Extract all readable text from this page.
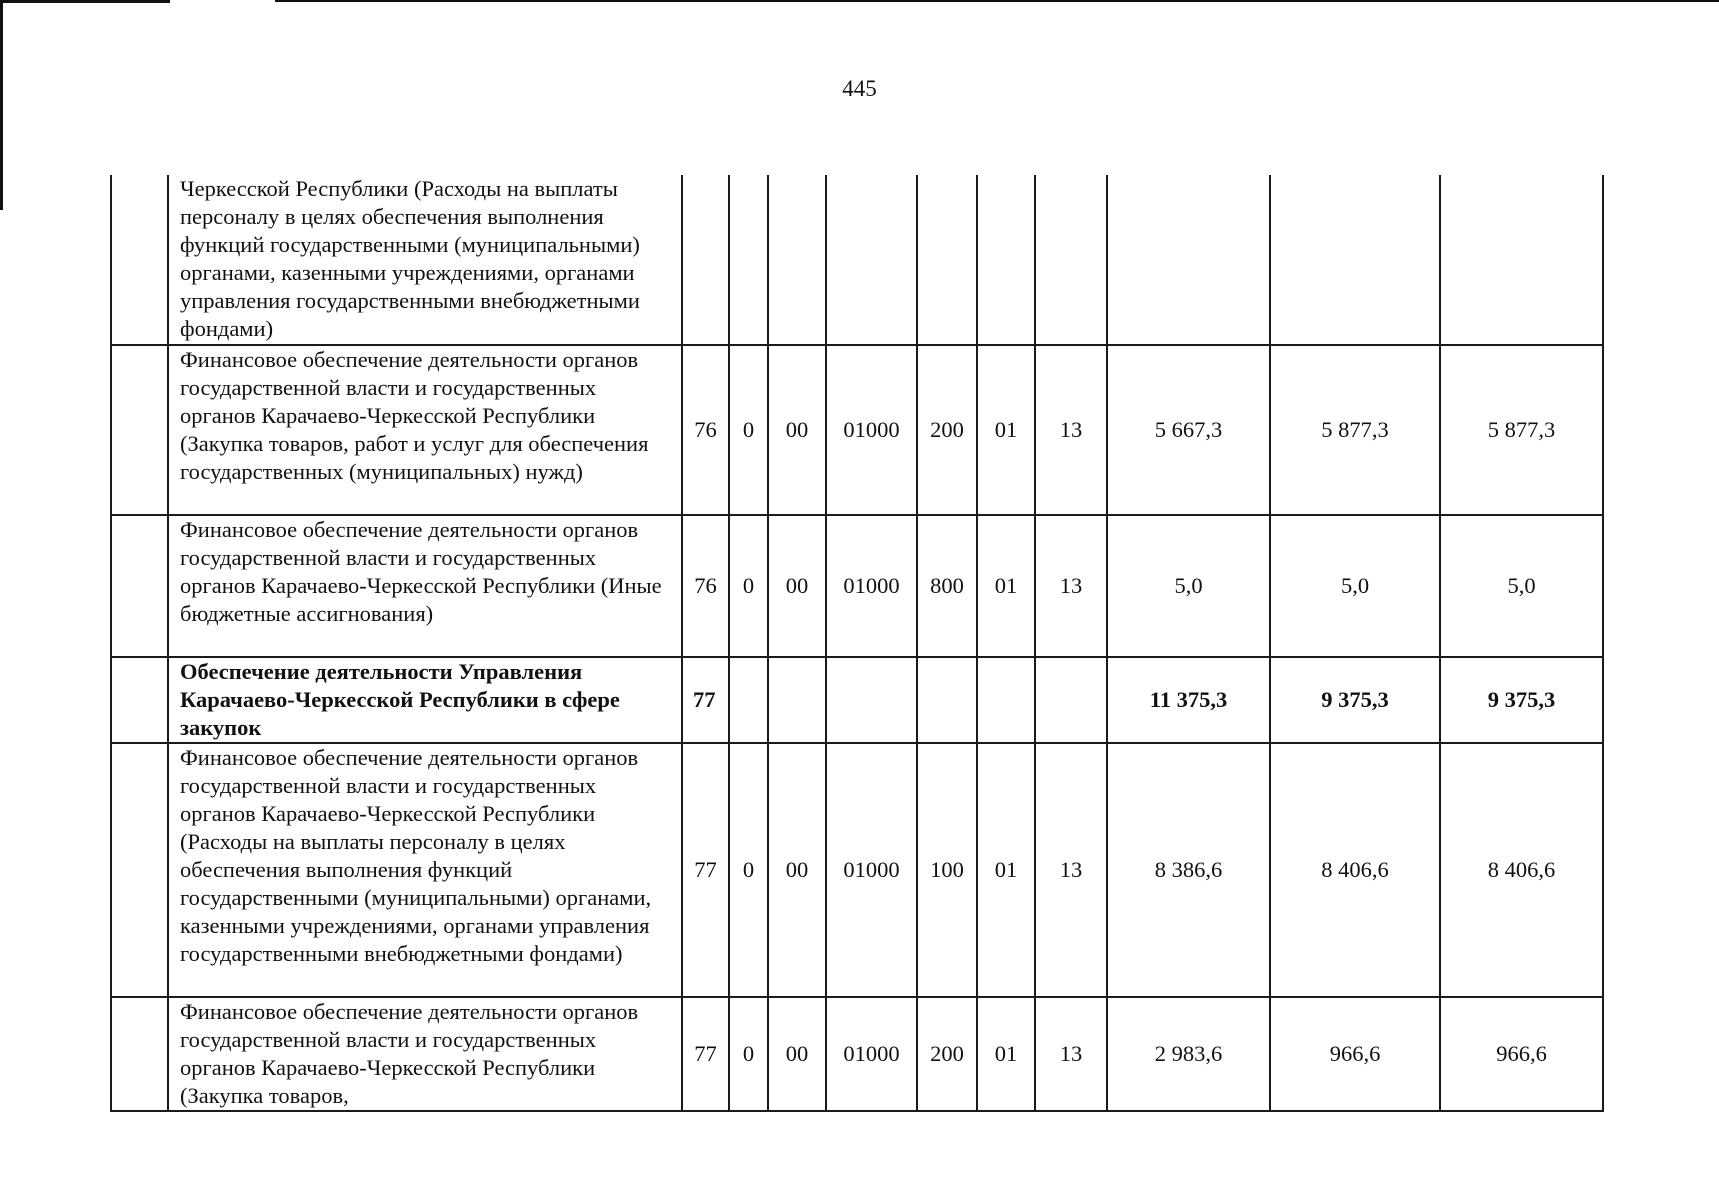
445
	Черкесской Республики (Расходы на выплаты персоналу в целях обеспечения выполнения функций государственными (муниципальными) органами, казенными учреждениями, органами управления государственными внебюджетными фондами)										
	Финансовое обеспечение деятельности органов государственной власти и государственных органов Карачаево-Черкесской Республики (Закупка товаров, работ и услуг для обеспечения государственных (муниципальных) нужд)	76	0	00	01000	200	01	13	5 667,3	5 877,3	5 877,3
	Финансовое обеспечение деятельности органов государственной власти и государственных органов Карачаево-Черкесской Республики (Иные бюджетные ассигнования)	76	0	00	01000	800	01	13	5,0	5,0	5,0
	Обеспечение деятельности Управления Карачаево-Черкесской Республики в сфере закупок	77							11 375,3	9 375,3	9 375,3
	Финансовое обеспечение деятельности органов государственной власти и государственных органов Карачаево-Черкесской Республики (Расходы на выплаты персоналу в целях обеспечения выполнения функций государственными (муниципальными) органами, казенными учреждениями, органами управления государственными внебюджетными фондами)	77	0	00	01000	100	01	13	8 386,6	8 406,6	8 406,6
	Финансовое обеспечение деятельности органов государственной власти и государственных органов Карачаево-Черкесской Республики (Закупка товаров,	77	0	00	01000	200	01	13	2 983,6	966,6	966,6
